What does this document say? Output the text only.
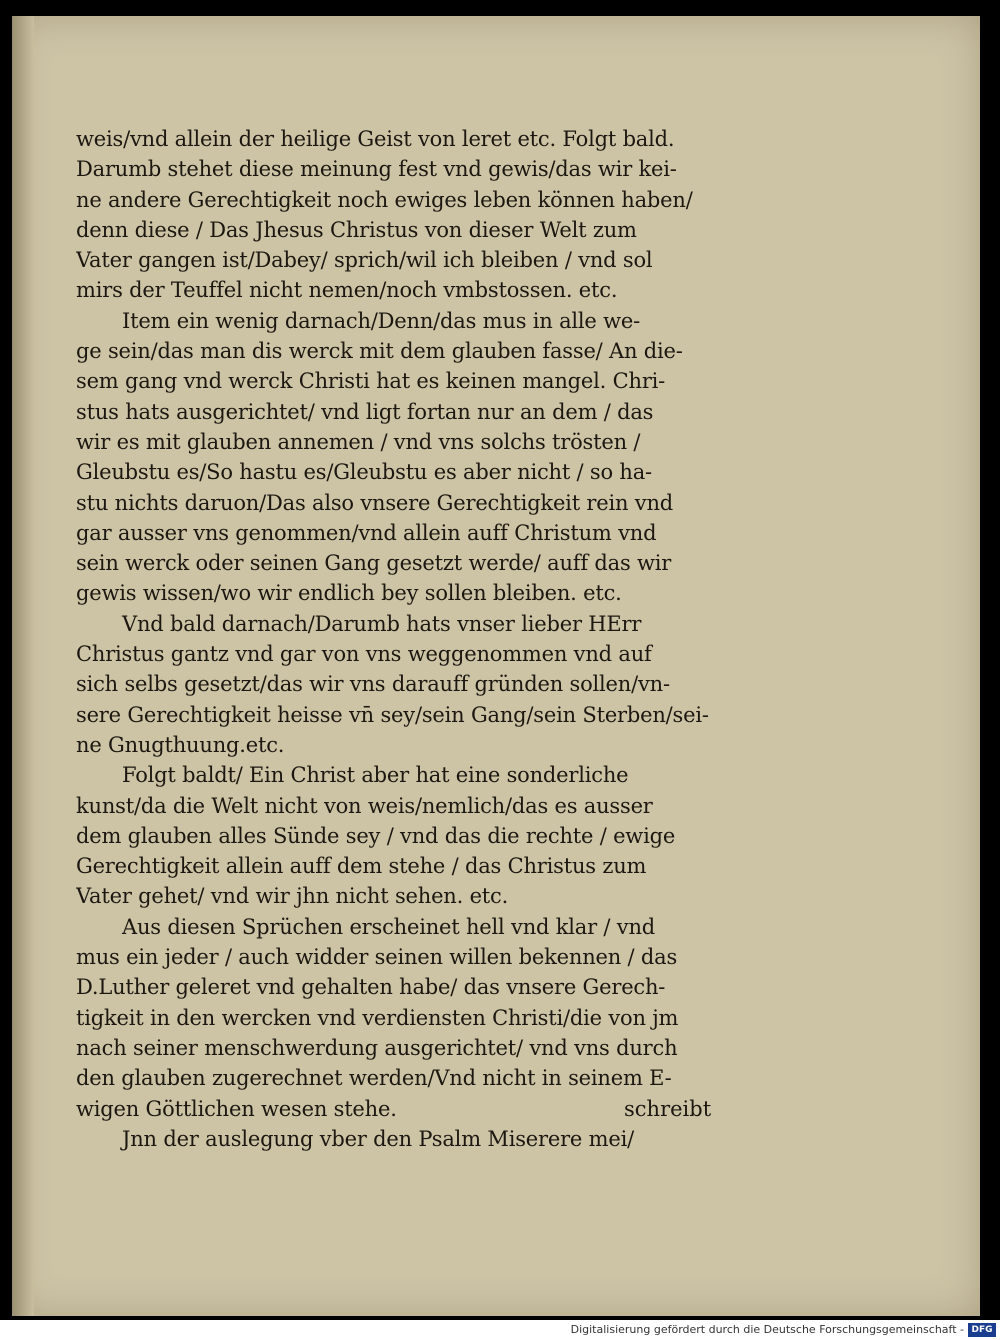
weis/vnd allein der heilige Geist von leret etc. Folgt bald.
Darumb stehet diese meinung fest vnd gewis/das wir kei-
ne andere Gerechtigkeit noch ewiges leben können haben/
denn diese / Das Jhesus Christus von dieser Welt zum
Vater gangen ist/Dabey/ sprich/wil ich bleiben / vnd sol
mirs der Teuffel nicht nemen/noch vmbstossen. etc.
Item ein wenig darnach/Denn/das mus in alle we-
ge sein/das man dis werck mit dem glauben fasse/ An die-
sem gang vnd werck Christi hat es keinen mangel. Chri-
stus hats ausgerichtet/ vnd ligt fortan nur an dem / das
wir es mit glauben annemen / vnd vns solchs trösten /
Gleubstu es/So hastu es/Gleubstu es aber nicht / so ha-
stu nichts daruon/Das also vnsere Gerechtigkeit rein vnd
gar ausser vns genommen/vnd allein auff Christum vnd
sein werck oder seinen Gang gesetzt werde/ auff das wir
gewis wissen/wo wir endlich bey sollen bleiben. etc.
Vnd bald darnach/Darumb hats vnser lieber HErr
Christus gantz vnd gar von vns weggenommen vnd auf
sich selbs gesetzt/das wir vns darauff gründen sollen/vn-
sere Gerechtigkeit heisse vn̄ sey/sein Gang/sein Sterben/sei-
ne Gnugthuung.etc.
Folgt baldt/ Ein Christ aber hat eine sonderliche
kunst/da die Welt nicht von weis/nemlich/das es ausser
dem glauben alles Sünde sey / vnd das die rechte / ewige
Gerechtigkeit allein auff dem stehe / das Christus zum
Vater gehet/ vnd wir jhn nicht sehen. etc.
Aus diesen Sprüchen erscheinet hell vnd klar / vnd
mus ein jeder / auch widder seinen willen bekennen / das
D.Luther geleret vnd gehalten habe/ das vnsere Gerech-
tigkeit in den wercken vnd verdiensten Christi/die von jm
nach seiner menschwerdung ausgerichtet/ vnd vns durch
den glauben zugerechnet werden/Vnd nicht in seinem E-
wigen Göttlichen wesen stehe.
Jnn der auslegung vber den Psalm Miserere mei/
schreibt
Digitalisierung gefördert durch die Deutsche Forschungsgemeinschaft - DFG
